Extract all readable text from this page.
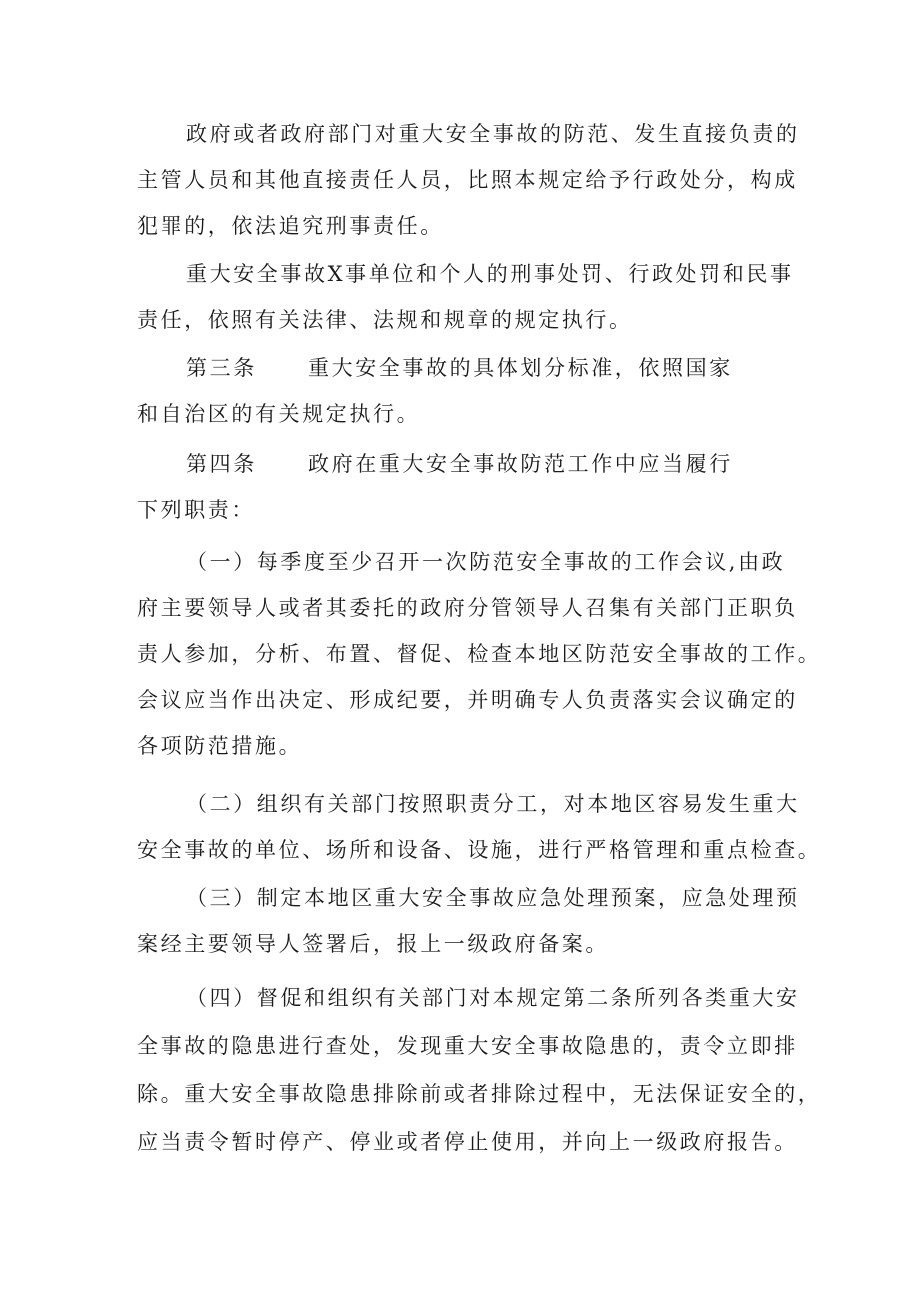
政府或者政府部门对重大安全事故的防范、发生直接负责的
主管人员和其他直接责任人员，比照本规定给予行政处分，构成
犯罪的，依法追究刑事责任。
重大安全事故X事单位和个人的刑事处罚、行政处罚和民事
责任，依照有关法律、法规和规章的规定执行。
第三条 重大安全事故的具体划分标准，依照国家
和自治区的有关规定执行。
第四条 政府在重大安全事故防范工作中应当履行
下列职责：
（一）每季度至少召开一次防范安全事故的工作会议,由政
府主要领导人或者其委托的政府分管领导人召集有关部门正职负
责人参加，分析、布置、督促、检查本地区防范安全事故的工作。
会议应当作出决定、形成纪要，并明确专人负责落实会议确定的
各项防范措施。
（二）组织有关部门按照职责分工，对本地区容易发生重大
安全事故的单位、场所和设备、设施，进行严格管理和重点检查。
（三）制定本地区重大安全事故应急处理预案，应急处理预
案经主要领导人签署后，报上一级政府备案。
（四）督促和组织有关部门对本规定第二条所列各类重大安
全事故的隐患进行查处，发现重大安全事故隐患的，责令立即排
除。重大安全事故隐患排除前或者排除过程中，无法保证安全的，
应当责令暂时停产、停业或者停止使用，并向上一级政府报告。
